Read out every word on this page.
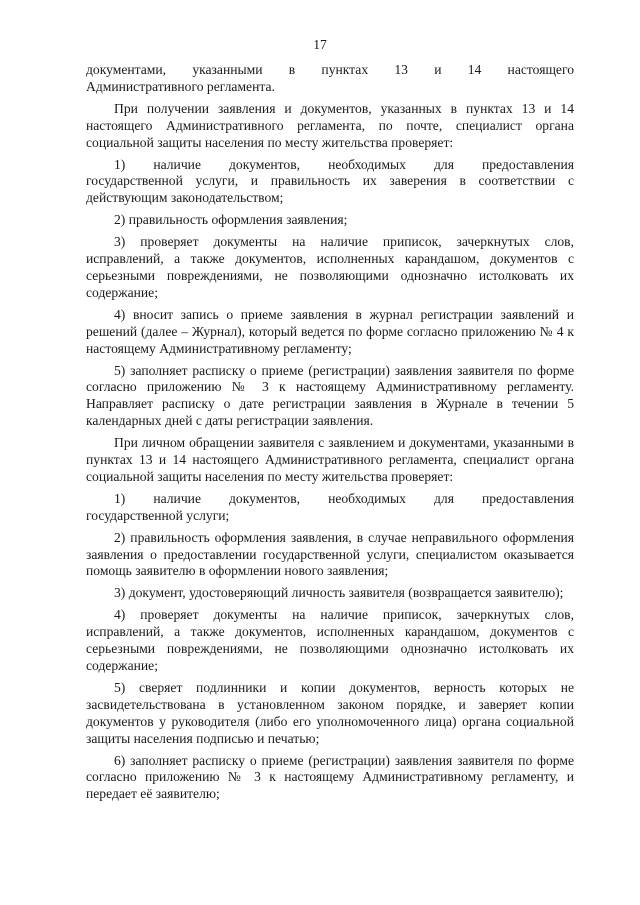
17

документами, указанными в пунктах 13 и 14 настоящего
Административного регламента.

При получении заявления и документов, указанных в пунктах 13 и 14 настоящего Административного регламента, по почте, специалист органа социальной защиты населения по месту жительства проверяет:

1) наличие документов, необходимых для предоставления
государственной услуги, и правильность их заверения в соответствии с действующим законодательством;

2) правильность оформления заявления;

3) проверяет документы на наличие приписок, зачеркнутых слов, исправлений, а также документов, исполненных карандашом, документов с серьезными повреждениями, не позволяющими однозначно истолковать их содержание;

4) вносит запись о приеме заявления в журнал регистрации заявлений и решений (далее – Журнал), который ведется по форме согласно приложению № 4 к настоящему Административному регламенту;

5) заполняет расписку о приеме (регистрации) заявления заявителя по форме согласно приложению № 3 к настоящему Административному регламенту. Направляет расписку о дате регистрации заявления в Журнале в течении 5 календарных дней с даты регистрации заявления.

При личном обращении заявителя с заявлением и документами, указанными в пунктах 13 и 14 настоящего Административного регламента, специалист органа социальной защиты населения по месту жительства проверяет:

1) наличие документов, необходимых для предоставления
государственной услуги;

2) правильность оформления заявления, в случае неправильного оформления заявления о предоставлении государственной услуги, специалистом оказывается помощь заявителю в оформлении нового заявления;

3) документ, удостоверяющий личность заявителя (возвращается заявителю);

4) проверяет документы на наличие приписок, зачеркнутых слов, исправлений, а также документов, исполненных карандашом, документов с серьезными повреждениями, не позволяющими однозначно истолковать их содержание;

5) сверяет подлинники и копии документов, верность которых не засвидетельствована в установленном законом порядке, и заверяет копии документов у руководителя (либо его уполномоченного лица) органа социальной защиты населения подписью и печатью;

6) заполняет расписку о приеме (регистрации) заявления заявителя по форме согласно приложению № 3 к настоящему Административному регламенту, и передает её заявителю;
